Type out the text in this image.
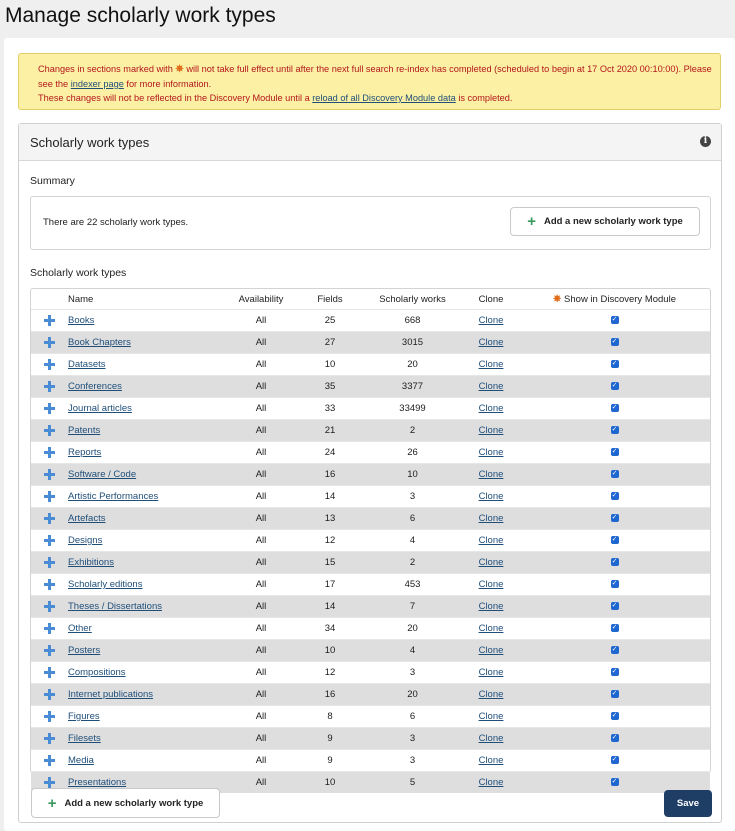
Manage scholarly work types
Changes in sections marked with ✵ will not take full effect until after the next full search re-index has completed (scheduled to begin at 17 Oct 2020 00:10:00). Please see the indexer page for more information.
These changes will not be reflected in the Discovery Module until a reload of all Discovery Module data is completed.
Scholarly work types	i
Summary
There are 22 scholarly work types.	+ Add a new scholarly work type
Scholarly work types
	Name	Availability	Fields	Scholarly works	Clone	✵ Show in Discovery Module
	Books	All	25	668	Clone	✓
	Book Chapters	All	27	3015	Clone	✓
	Datasets	All	10	20	Clone	✓
	Conferences	All	35	3377	Clone	✓
	Journal articles	All	33	33499	Clone	✓
	Patents	All	21	2	Clone	✓
	Reports	All	24	26	Clone	✓
	Software / Code	All	16	10	Clone	✓
	Artistic Performances	All	14	3	Clone	✓
	Artefacts	All	13	6	Clone	✓
	Designs	All	12	4	Clone	✓
	Exhibitions	All	15	2	Clone	✓
	Scholarly editions	All	17	453	Clone	✓
	Theses / Dissertations	All	14	7	Clone	✓
	Other	All	34	20	Clone	✓
	Posters	All	10	4	Clone	✓
	Compositions	All	12	3	Clone	✓
	Internet publications	All	16	20	Clone	✓
	Figures	All	8	6	Clone	✓
	Filesets	All	9	3	Clone	✓
	Media	All	9	3	Clone	✓
	Presentations	All	10	5	Clone	✓
+ Add a new scholarly work type	Save
